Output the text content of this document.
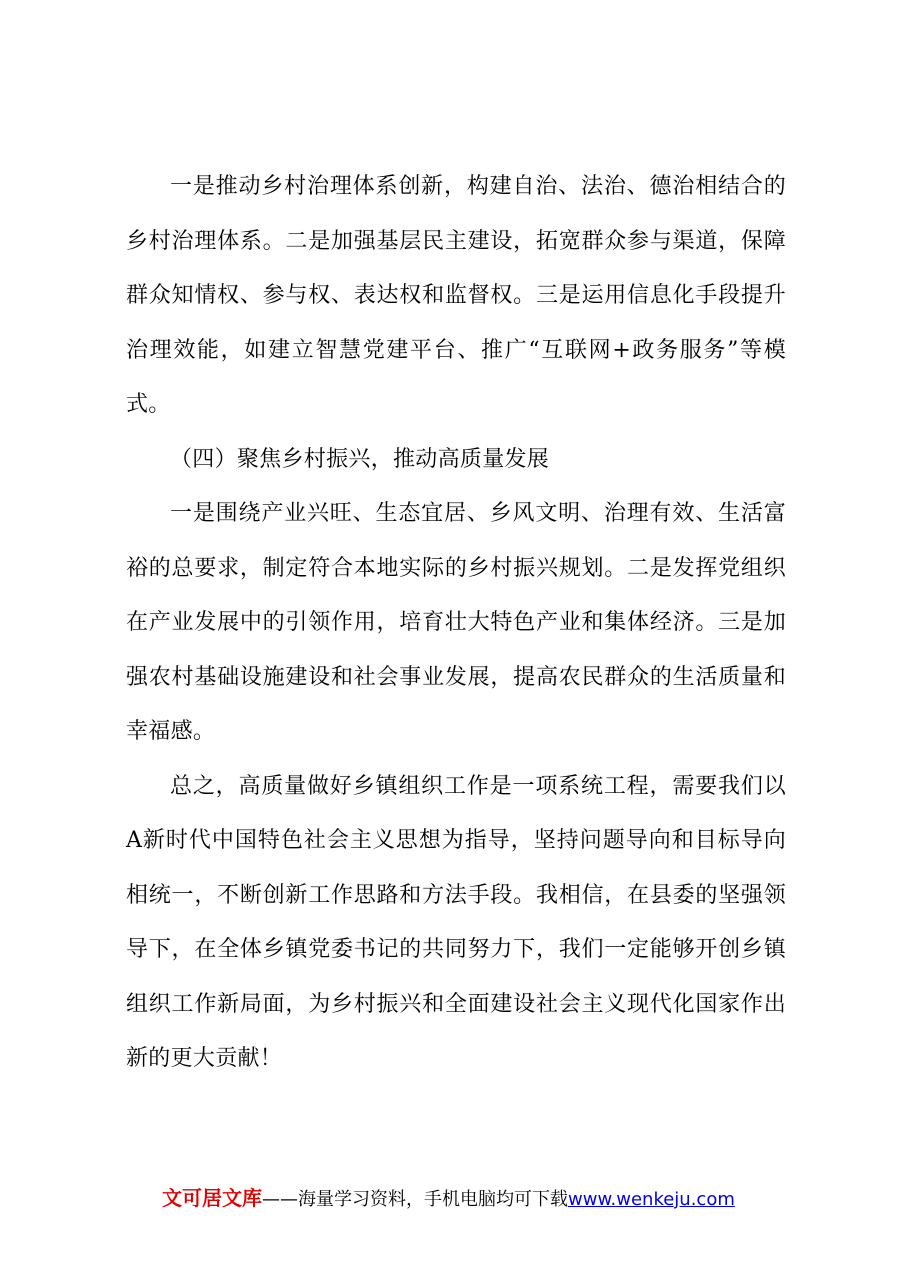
一是推动乡村治理体系创新，构建自治、法治、德治相结合的乡村治理体系。二是加强基层民主建设，拓宽群众参与渠道，保障群众知情权、参与权、表达权和监督权。三是运用信息化手段提升治理效能，如建立智慧党建平台、推广“互联网+政务服务”等模式。

（四）聚焦乡村振兴，推动高质量发展

一是围绕产业兴旺、生态宜居、乡风文明、治理有效、生活富裕的总要求，制定符合本地实际的乡村振兴规划。二是发挥党组织在产业发展中的引领作用，培育壮大特色产业和集体经济。三是加强农村基础设施建设和社会事业发展，提高农民群众的生活质量和幸福感。

总之，高质量做好乡镇组织工作是一项系统工程，需要我们以A新时代中国特色社会主义思想为指导，坚持问题导向和目标导向相统一，不断创新工作思路和方法手段。我相信，在县委的坚强领导下，在全体乡镇党委书记的共同努力下，我们一定能够开创乡镇组织工作新局面，为乡村振兴和全面建设社会主义现代化国家作出新的更大贡献！

文可居文库——海量学习资料，手机电脑均可下载www.wenkeju.com
